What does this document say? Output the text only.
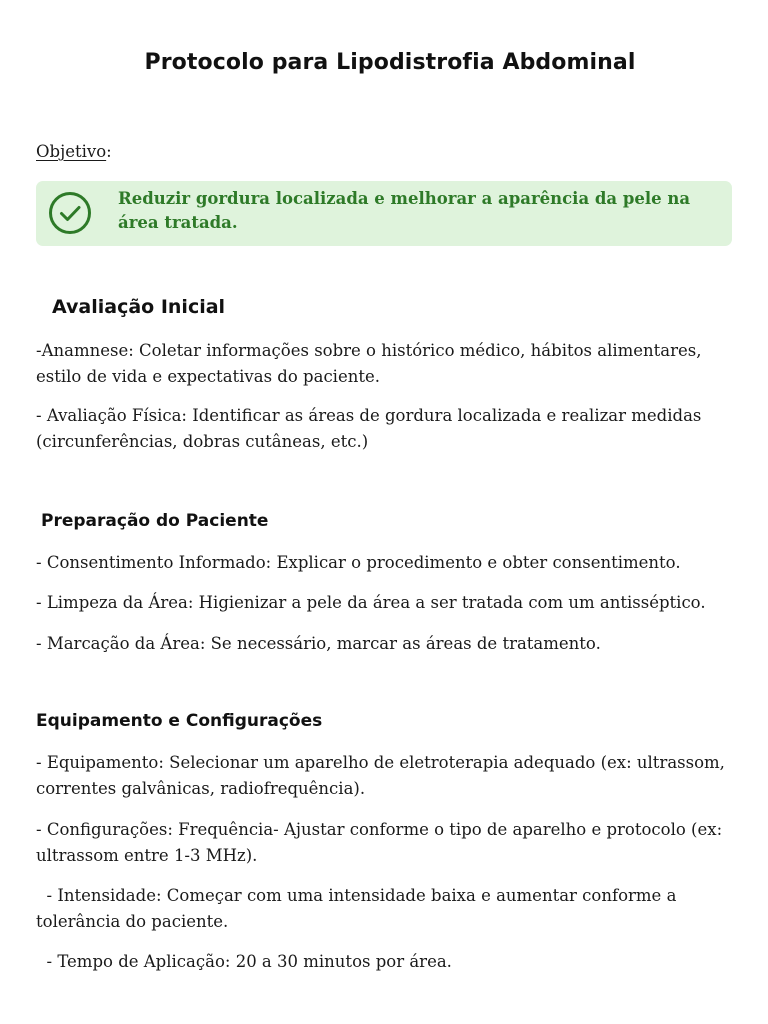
Protocolo para Lipodistrofia Abdominal
Objetivo:
Reduzir gordura localizada e melhorar a aparência da pele na área tratada.
Avaliação Inicial
-Anamnese: Coletar informações sobre o histórico médico, hábitos alimentares, estilo de vida e expectativas do paciente.
- Avaliação Física: Identificar as áreas de gordura localizada e realizar medidas (circunferências, dobras cutâneas, etc.)
Preparação do Paciente
- Consentimento Informado: Explicar o procedimento e obter consentimento.
- Limpeza da Área: Higienizar a pele da área a ser tratada com um antisséptico.
- Marcação da Área: Se necessário, marcar as áreas de tratamento.
Equipamento e Configurações
- Equipamento: Selecionar um aparelho de eletroterapia adequado (ex: ultrassom, correntes galvânicas, radiofrequência).
- Configurações: Frequência- Ajustar conforme o tipo de aparelho e protocolo (ex: ultrassom entre 1-3 MHz).
- Intensidade: Começar com uma intensidade baixa e aumentar conforme a tolerância do paciente.
- Tempo de Aplicação: 20 a 30 minutos por área.
